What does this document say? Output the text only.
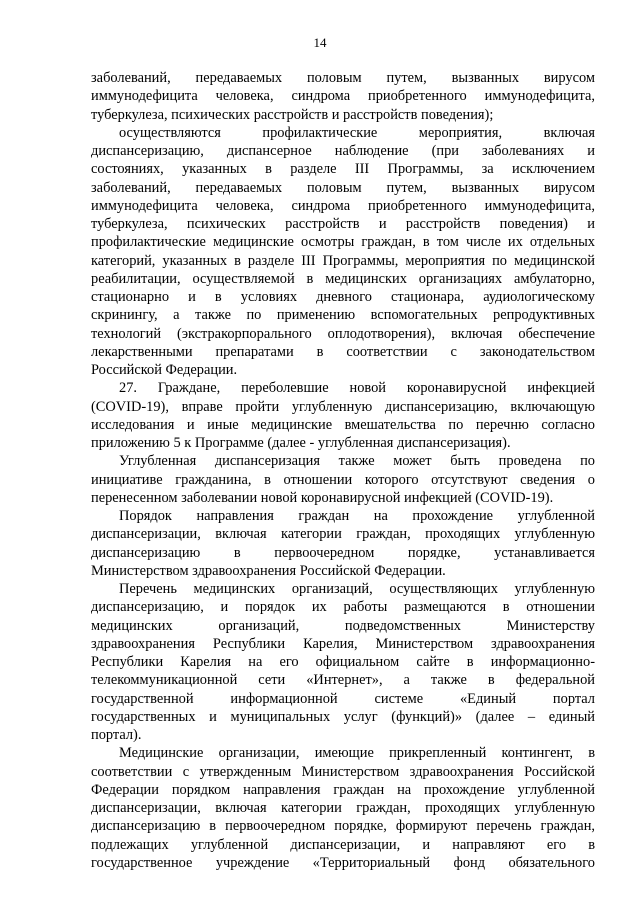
14
заболеваний, передаваемых половым путем, вызванных вирусом
иммунодефицита человека, синдрома приобретенного иммунодефицита,
туберкулеза, психических расстройств и расстройств поведения);
осуществляются профилактические мероприятия, включая
диспансеризацию, диспансерное наблюдение (при заболеваниях и
состояниях, указанных в разделе III Программы, за исключением
заболеваний, передаваемых половым путем, вызванных вирусом
иммунодефицита человека, синдрома приобретенного иммунодефицита,
туберкулеза, психических расстройств и расстройств поведения) и
профилактические медицинские осмотры граждан, в том числе их отдельных
категорий, указанных в разделе III Программы, мероприятия по медицинской
реабилитации, осуществляемой в медицинских организациях амбулаторно,
стационарно и в условиях дневного стационара, аудиологическому
скринингу, а также по применению вспомогательных репродуктивных
технологий (экстракорпорального оплодотворения), включая обеспечение
лекарственными препаратами в соответствии с законодательством
Российской Федерации.
27. Граждане, переболевшие новой коронавирусной инфекцией
(COVID-19), вправе пройти углубленную диспансеризацию, включающую
исследования и иные медицинские вмешательства по перечню согласно
приложению 5 к Программе (далее - углубленная диспансеризация).
Углубленная диспансеризация также может быть проведена по
инициативе гражданина, в отношении которого отсутствуют сведения о
перенесенном заболевании новой коронавирусной инфекцией (COVID-19).
Порядок направления граждан на прохождение углубленной
диспансеризации, включая категории граждан, проходящих углубленную
диспансеризацию в первоочередном порядке, устанавливается
Министерством здравоохранения Российской Федерации.
Перечень медицинских организаций, осуществляющих углубленную
диспансеризацию, и порядок их работы размещаются в отношении
медицинских организаций, подведомственных Министерству
здравоохранения Республики Карелия, Министерством здравоохранения
Республики Карелия на его официальном сайте в информационно-
телекоммуникационной сети «Интернет», а также в федеральной
государственной информационной системе «Единый портал
государственных и муниципальных услуг (функций)» (далее – единый
портал).
Медицинские организации, имеющие прикрепленный контингент, в
соответствии с утвержденным Министерством здравоохранения Российской
Федерации порядком направления граждан на прохождение углубленной
диспансеризации, включая категории граждан, проходящих углубленную
диспансеризацию в первоочередном порядке, формируют перечень граждан,
подлежащих углубленной диспансеризации, и направляют его в
государственное учреждение «Территориальный фонд обязательного
